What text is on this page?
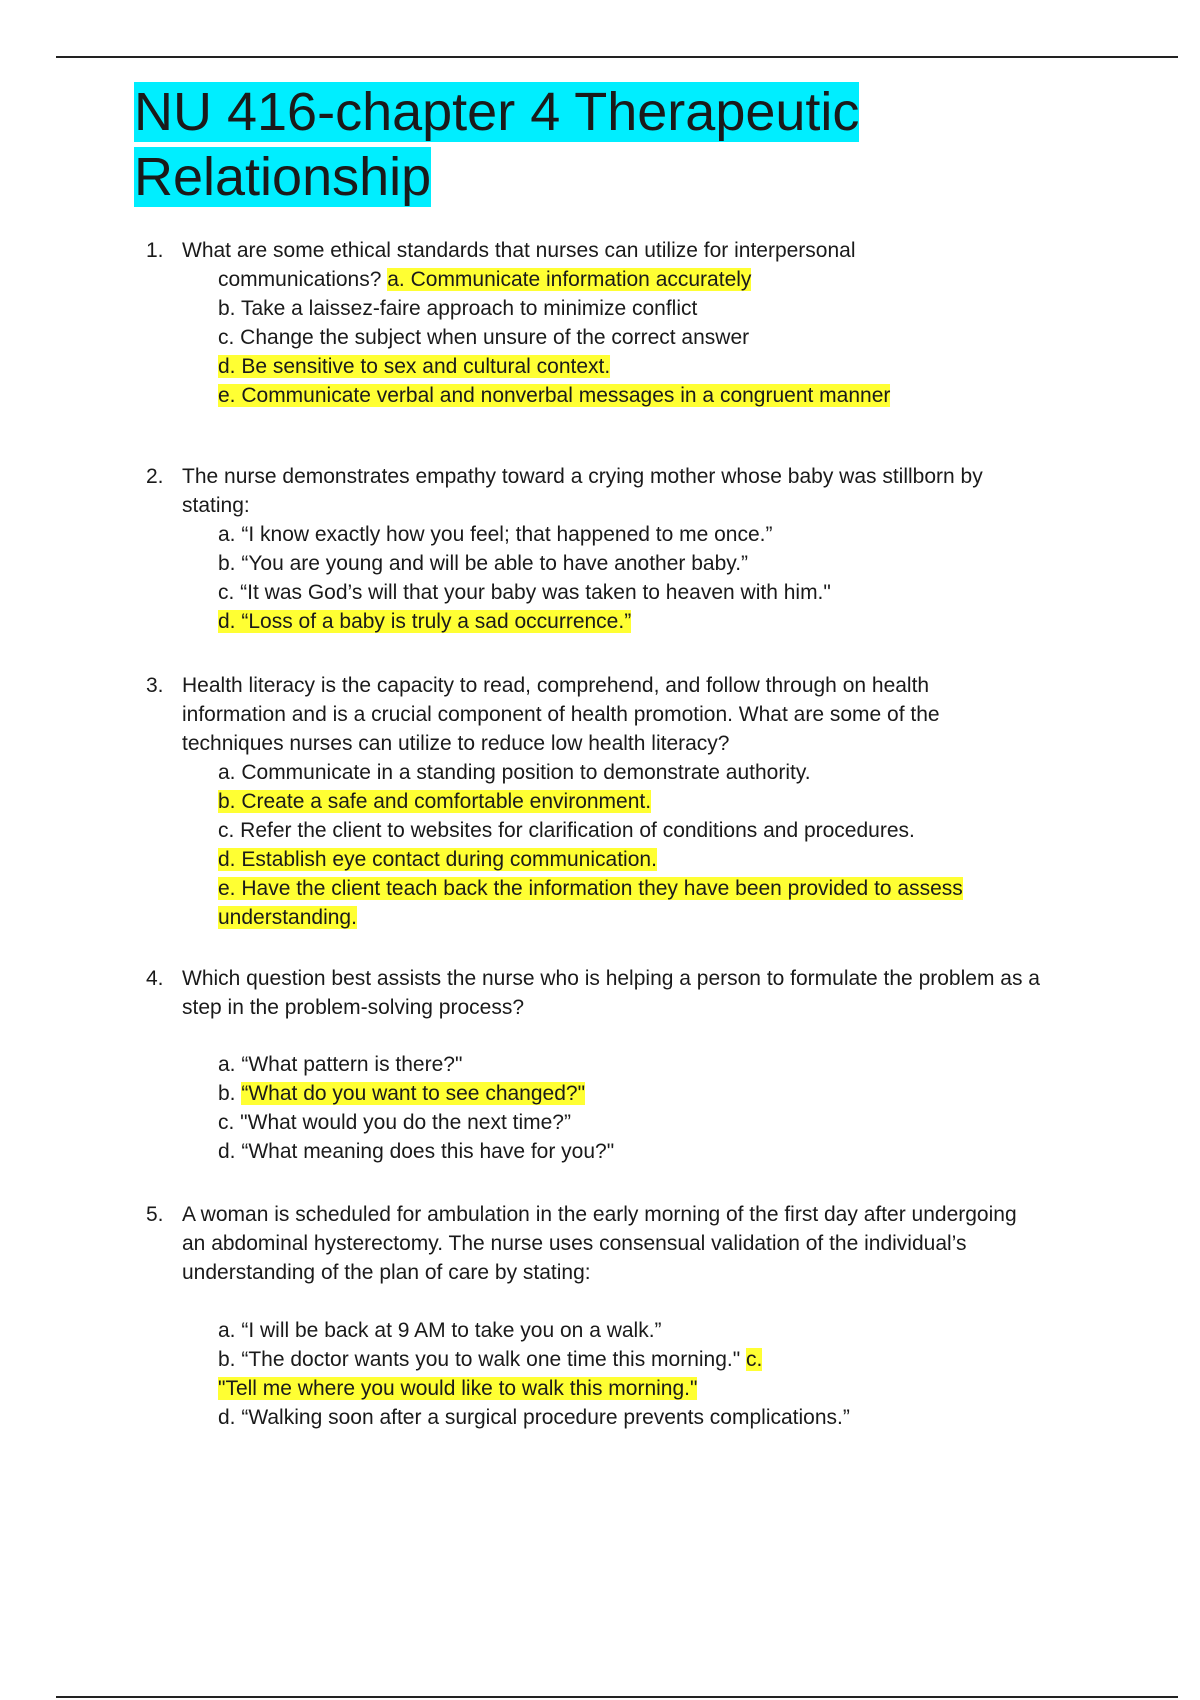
NU 416-chapter 4 Therapeutic Relationship
1. What are some ethical standards that nurses can utilize for interpersonal communications? a. Communicate information accurately
b. Take a laissez-faire approach to minimize conflict
c. Change the subject when unsure of the correct answer
d. Be sensitive to sex and cultural context.
e. Communicate verbal and nonverbal messages in a congruent manner
2. The nurse demonstrates empathy toward a crying mother whose baby was stillborn by stating:
a. “I know exactly how you feel; that happened to me once.”
b. “You are young and will be able to have another baby.”
c. “It was God’s will that your baby was taken to heaven with him." d. “Loss of a baby is truly a sad occurrence.”
3. Health literacy is the capacity to read, comprehend, and follow through on health information and is a crucial component of health promotion. What are some of the techniques nurses can utilize to reduce low health literacy?
a. Communicate in a standing position to demonstrate authority.
b. Create a safe and comfortable environment.
c. Refer the client to websites for clarification of conditions and procedures.
d. Establish eye contact during communication.
e. Have the client teach back the information they have been provided to assess understanding.
4. Which question best assists the nurse who is helping a person to formulate the problem as a step in the problem-solving process?
a. “What pattern is there?"
b. “What do you want to see changed?"
c. "What would you do the next time?”
d. “What meaning does this have for you?"
5. A woman is scheduled for ambulation in the early morning of the first day after undergoing an abdominal hysterectomy. The nurse uses consensual validation of the individual’s understanding of the plan of care by stating:
a. “I will be back at 9 AM to take you on a walk.”
b. “The doctor wants you to walk one time this morning." c. "Tell me where you would like to walk this morning."
d. “Walking soon after a surgical procedure prevents complications.”
